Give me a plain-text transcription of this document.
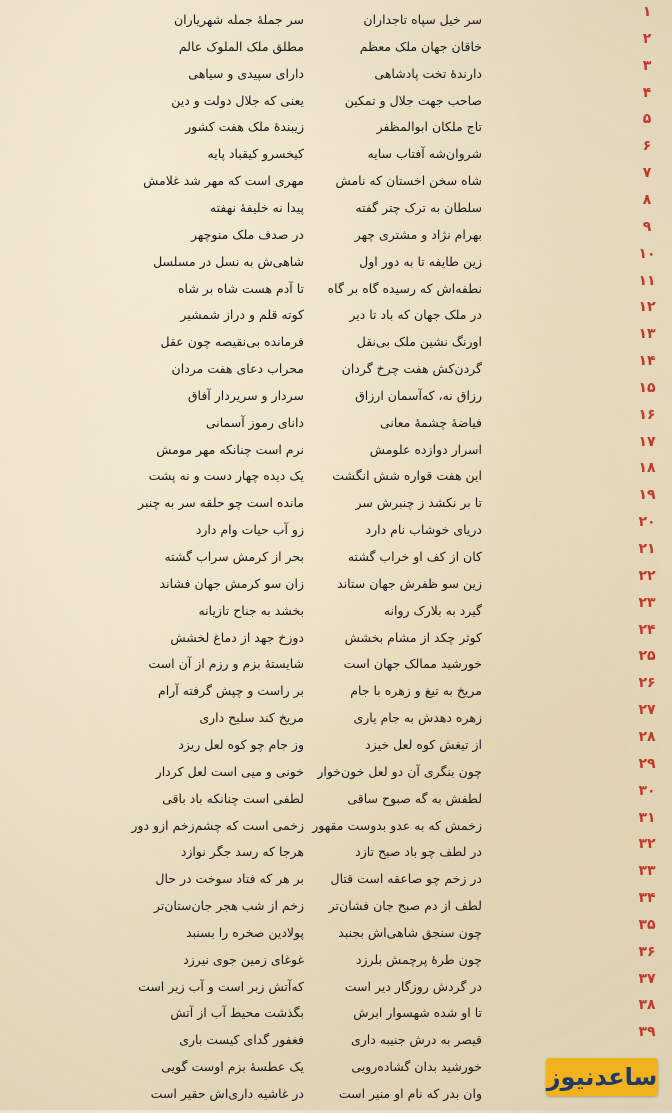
۱
سر خیل سپاه تاجداران
سر جملهٔ جمله شهریاران
۲
خاقان جهان ملک معظم
مطلق ملک الملوک عالم
۳
دارندهٔ تخت پادشاهی
دارای سپیدی و سیاهی
۴
صاحب جهت جلال و تمکین
یعنی که جلال دولت و دین
۵
تاج ملکان ابوالمظفر
زیبندهٔ ملک هفت کشور
۶
شروان‌شه آفتاب سایه
کیخسرو کیقباد پایه
۷
شاه سخن اخستان که نامش
مهری است که مهر شد غلامش
۸
سلطان به ترک چتر گفته
پیدا نه خلیفهٔ نهفته
۹
بهرام نژاد و مشتری چهر
در صدف ملک منوچهر
۱۰
زین طایفه تا به دور اول
شاهی‌ش به نسل در مسلسل
۱۱
نطفه‌اش که رسیده گاه بر گاه
تا آدم هست شاه بر شاه
۱۲
در ملک جهان که باد تا دیر
کوته قلم و دراز شمشیر
۱۳
اورنگ نشین ملک بی‌نقل
فرمانده بی‌نقیصه چون عقل
۱۴
گردن‌کش هفت چرخ گردان
محراب دعای هفت مردان
۱۵
رزاق نه، که‌آسمان ارزاق
سردار و سریردار آفاق
۱۶
فیاضهٔ چشمهٔ معانی
دانای رموز آسمانی
۱۷
اسرار دوازده علومش
نرم است چنانکه مهر مومش
۱۸
این هفت قواره شش انگشت
یک دیده چهار دست و نه پشت
۱۹
تا بر نکشد ز چنبرش سر
مانده است چو حلقه سر به چنبر
۲۰
دریای خوشاب نام دارد
زو آب حیات وام دارد
۲۱
کان از کف او خراب گشته
بحر از کرمش سراب گشته
۲۲
زین سو ظفرش جهان ستاند
زان سو کرمش جهان فشاند
۲۳
گیرد به بلارک روانه
بخشد به جناح تازیانه
۲۴
کوثر چکد از مشام بخشش
دوزخ جهد از دماغ لخشش
۲۵
خورشید ممالک جهان است
شایستهٔ بزم و رزم از آن است
۲۶
مریخ به تیغ و زهره با جام
بر راست و چپش گرفته آرام
۲۷
زهره دهدش به جام یاری
مریخ کند سلیح داری
۲۸
از تیغش کوه لعل خیزد
وز جام چو کوه لعل ریزد
۲۹
چون بنگری آن دو لعل خون‌خوار
خونی و میی است لعل کردار
۳۰
لطفش به گه صبوح ساقی
لطفی است چنانکه باد باقی
۳۱
زخمش که به عدو بدوست مقهور
زخمی است که چشم‌زخم ازو دور
۳۲
در لطف چو باد صبح تازد
هرجا که رسد جگر نوازد
۳۳
در زخم چو صاعقه است قتال
بر هر که فتاد سوخت در حال
۳۴
لطف از دم صبح جان فشان‌تر
زخم از شب هجر جان‌ستان‌تر
۳۵
چون سنجق شاهی‌اش بجنبد
پولادین صخره را بسنبد
۳۶
چون طرهٔ پرچمش بلرزد
غوغای زمین جوی نیرزد
۳۷
در گردش روزگار دیر است
که‌آتش زبر است و آب زیر است
۳۸
تا او شده شهسوار ابرش
بگذشت محیط آب از آتش
۳۹
قیصر به درش جنیبه داری
فغفور گدای کیست باری
خورشید بدان گشاده‌رویی
یک عطسهٔ بزم اوست گویی
وان بدر که نام او منیر است
در غاشیه داری‌اش حقیر است
ساعدنیوز
